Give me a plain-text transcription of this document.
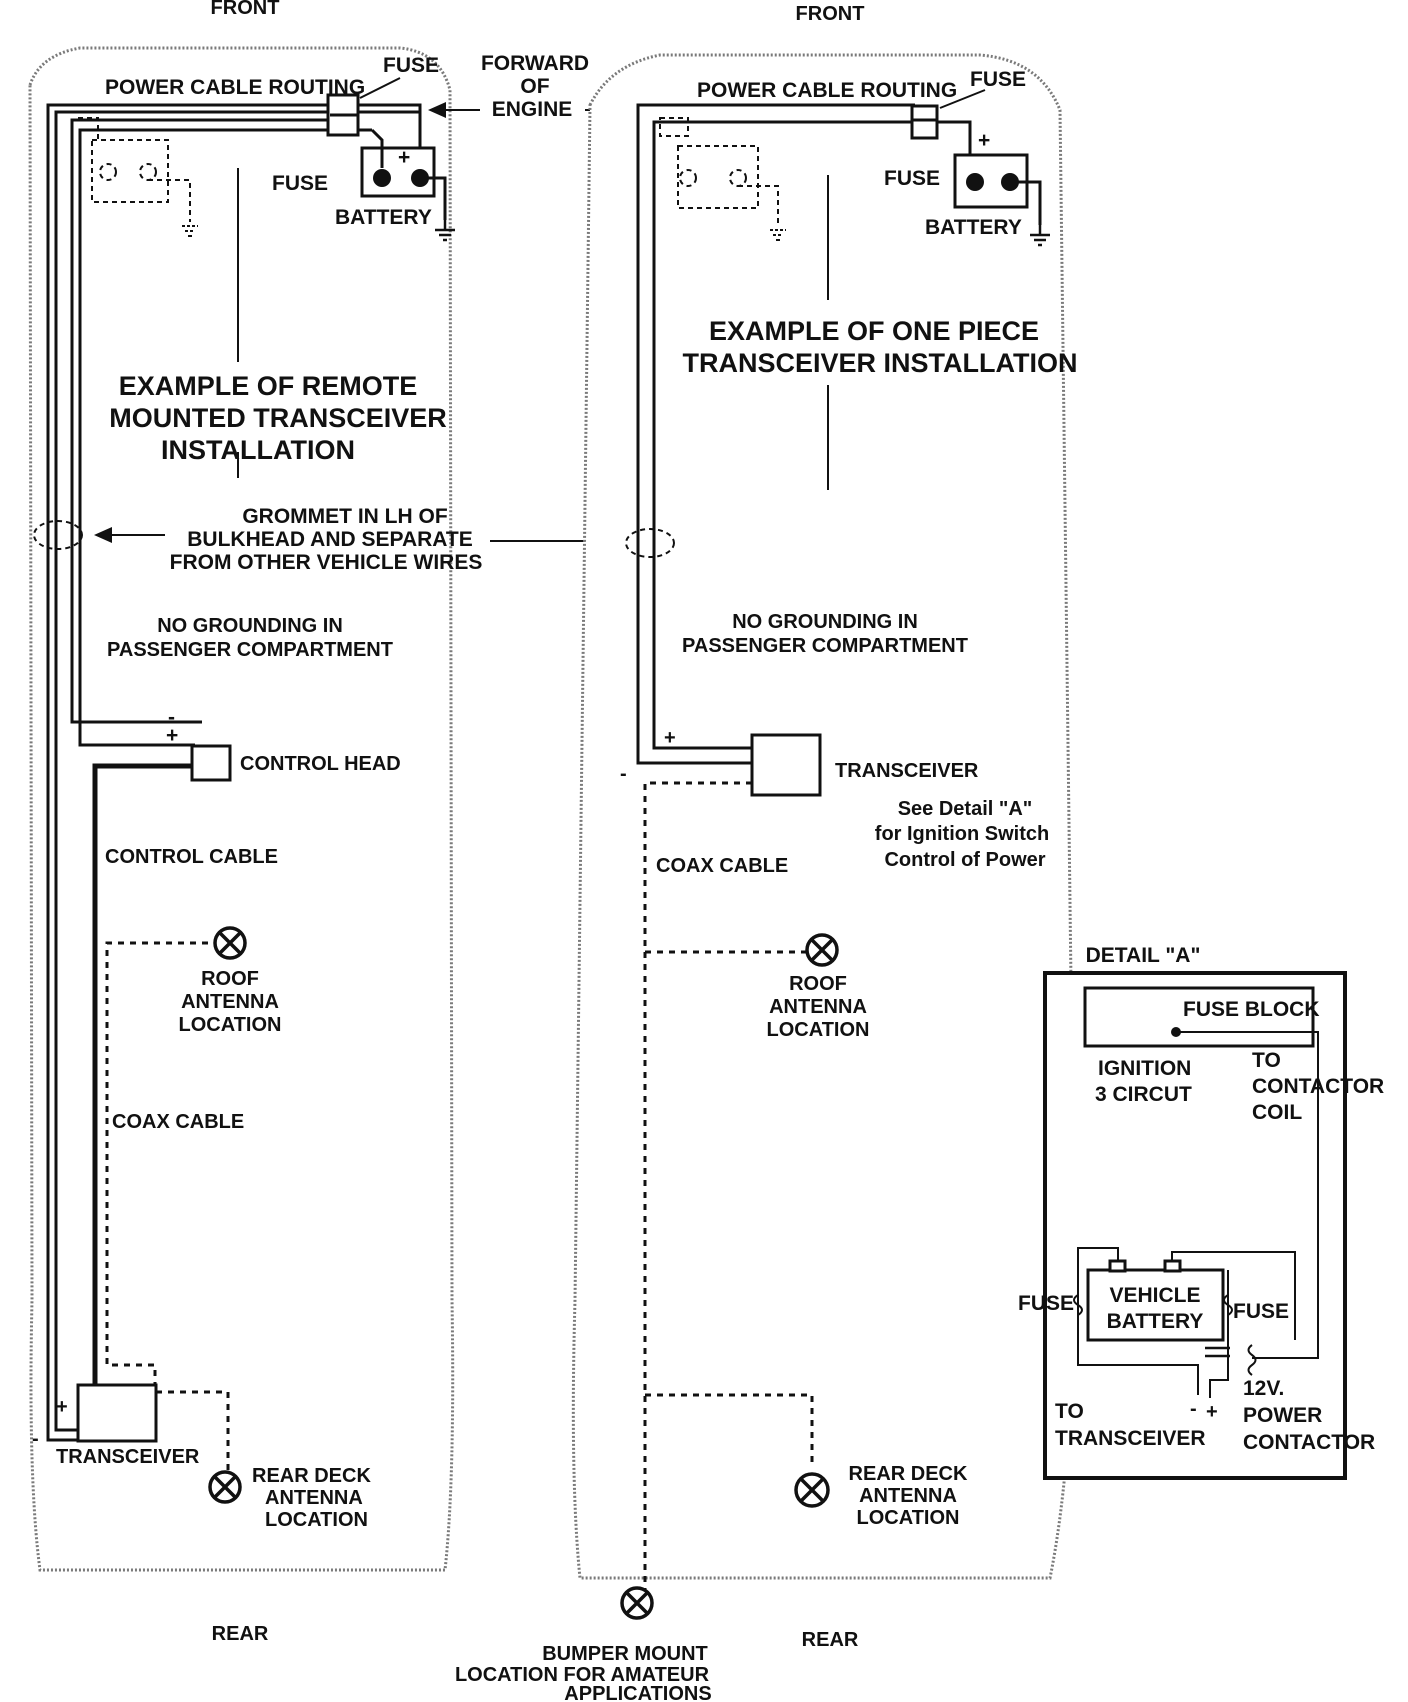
FRONT
REAR
+
POWER CABLE ROUTING
FUSE
FUSE
BATTERY
EXAMPLE OF REMOTE
MOUNTED TRANSCEIVER
INSTALLATION
NO GROUNDING IN
PASSENGER COMPARTMENT
-
+
CONTROL HEAD
CONTROL CABLE
ROOF
ANTENNA
LOCATION
COAX CABLE
+
-
TRANSCEIVER
REAR DECK
ANTENNA
LOCATION
FORWARD
OF
ENGINE
GROMMET IN LH OF
BULKHEAD AND SEPARATE
FROM OTHER VEHICLE WIRES
BUMPER MOUNT
LOCATION FOR AMATEUR
APPLICATIONS
FRONT
REAR
+
POWER CABLE ROUTING FUSE
FUSE
BATTERY
EXAMPLE OF ONE PIECE
TRANSCEIVER INSTALLATION
NO GROUNDING IN
PASSENGER COMPARTMENT
+
-	TRANSCEIVER
See Detail "A"
for Ignition Switch
Control of Power
COAX CABLE
ROOF
ANTENNA
LOCATION
REAR DECK
ANTENNA
LOCATION
DETAIL "A"
FUSE BLOCK
IGNITION
3 CIRCUT
TO
CONTACTOR
COIL
VEHICLE
BATTERY
FUSE	FUSE
- +
TO
TRANSCEIVER
12V.
POWER
CONTACTOR
